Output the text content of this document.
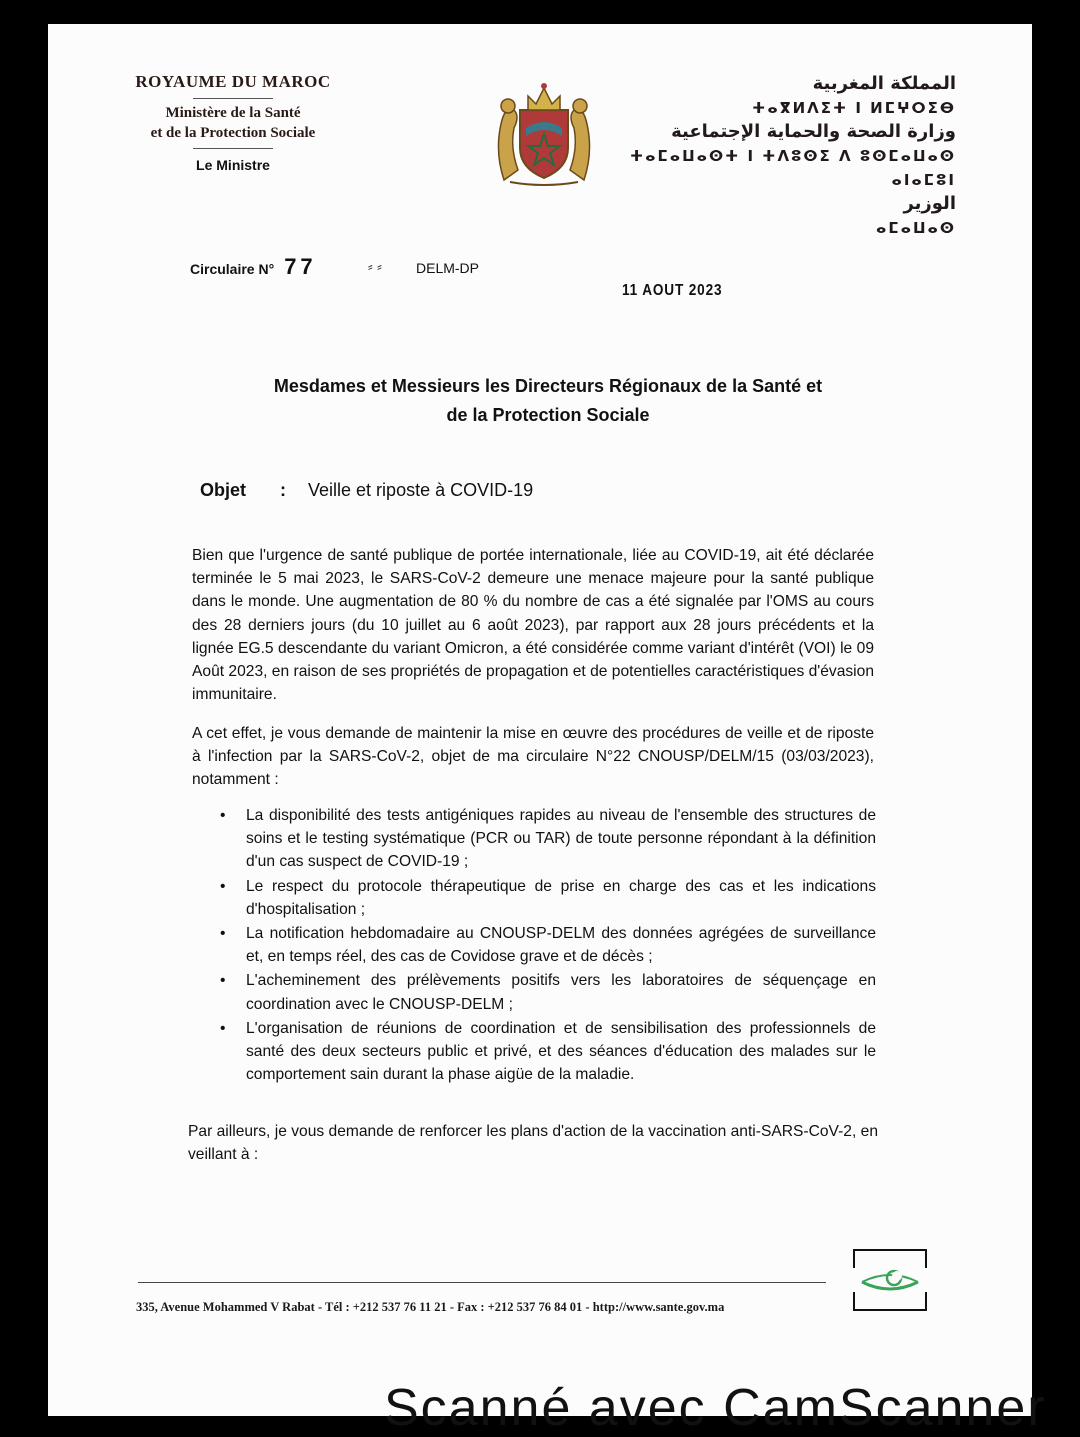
ROYAUME DU MAROC
Ministère de la Santé
et de la Protection Sociale
Le Ministre
المملكة المغربية
ⵜⴰⴳⵍⴷⵉⵜ ⵏ ⵍⵎⵖⵔⵉⴱ
وزارة الصحة والحماية الإجتماعية
ⵜⴰⵎⴰⵡⴰⵙⵜ ⵏ ⵜⴷⵓⵙⵉ ⴷ ⵓⵙⵎⴰⵡⴰⵙ ⴰⵏⴰⵎⵓⵏ
الوزير
ⴰⵎⴰⵡⴰⵙ
Circulaire N° 77	⸗ ⸗ DELM-DP
11 AOUT 2023
Mesdames et Messieurs les Directeurs Régionaux de la Santé et
de la Protection Sociale
Objet : Veille et riposte à COVID-19
Bien que l'urgence de santé publique de portée internationale, liée au COVID-19, ait été déclarée terminée le 5 mai 2023, le SARS-CoV-2 demeure une menace majeure pour la santé publique dans le monde. Une augmentation de 80 % du nombre de cas a été signalée par l'OMS au cours des 28 derniers jours (du 10 juillet au 6 août 2023), par rapport aux 28 jours précédents et la lignée EG.5 descendante du variant Omicron, a été considérée comme variant d'intérêt (VOI) le 09 Août 2023, en raison de ses propriétés de propagation et de potentielles caractéristiques d'évasion immunitaire.
A cet effet, je vous demande de maintenir la mise en œuvre des procédures de veille et de riposte à l'infection par la SARS-CoV-2, objet de ma circulaire N°22 CNOUSP/DELM/15 (03/03/2023), notamment :
• La disponibilité des tests antigéniques rapides au niveau de l'ensemble des structures de soins et le testing systématique (PCR ou TAR) de toute personne répondant à la définition d'un cas suspect de COVID-19 ;
• Le respect du protocole thérapeutique de prise en charge des cas et les indications d'hospitalisation ;
• La notification hebdomadaire au CNOUSP-DELM des données agrégées de surveillance et, en temps réel, des cas de Covidose grave et de décès ;
• L'acheminement des prélèvements positifs vers les laboratoires de séquençage en coordination avec le CNOUSP-DELM ;
• L'organisation de réunions de coordination et de sensibilisation des professionnels de santé des deux secteurs public et privé, et des séances d'éducation des malades sur le comportement sain durant la phase aigüe de la maladie.
Par ailleurs, je vous demande de renforcer les plans d'action de la vaccination anti-SARS-CoV-2, en veillant à :
335, Avenue Mohammed V Rabat - Tél : +212 537 76 11 21 - Fax : +212 537 76 84 01 - http://www.sante.gov.ma
Scanné avec CamScanner
